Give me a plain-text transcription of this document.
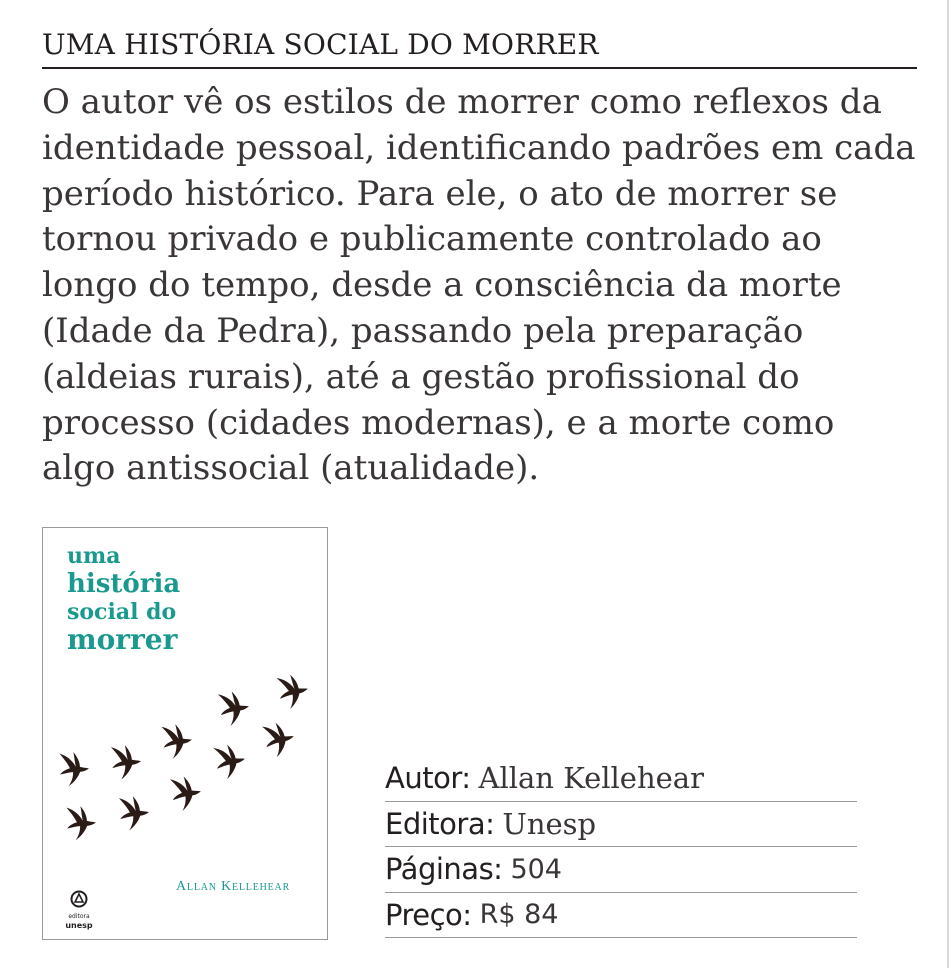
UMA HISTÓRIA SOCIAL DO MORRER

O autor vê os estilos de morrer como reflexos da identidade pessoal, identificando padrões em cada período histórico. Para ele, o ato de morrer se tornou privado e publicamente controlado ao longo do tempo, desde a consciência da morte (Idade da Pedra), passando pela preparação (aldeias rurais), até a gestão profissional do processo (cidades modernas), e a morte como algo antissocial (atualidade).

uma
história
social do
morrer
Allan Kellehear
editora
unesp
Autor: Allan Kellehear
Editora: Unesp
Páginas: 504
Preço: R$ 84
